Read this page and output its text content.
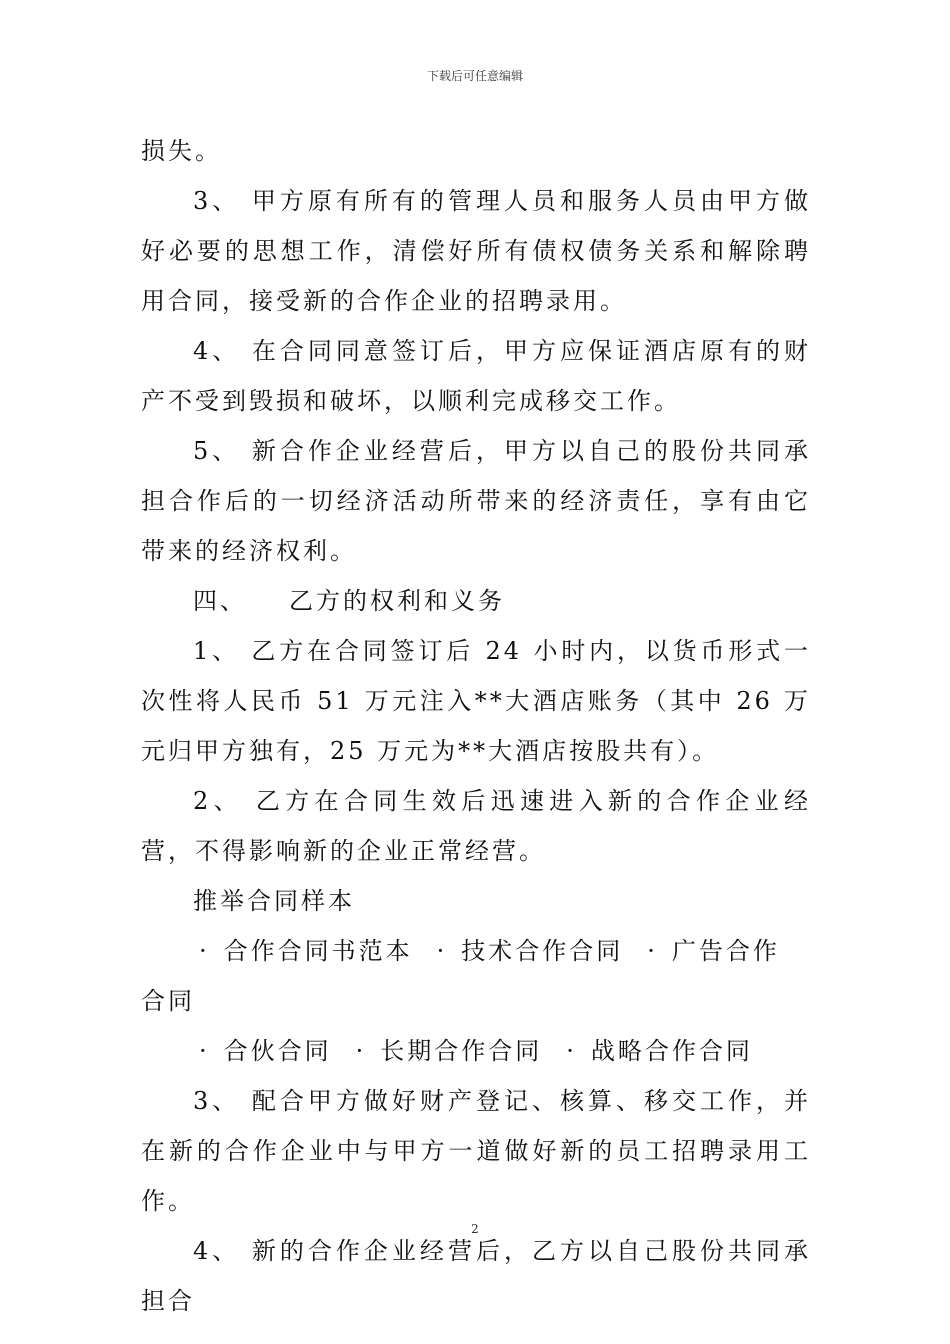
下载后可任意编辑

损失。

3、 甲方原有所有的管理人员和服务人员由甲方做好必要的思想工作，清偿好所有债权债务关系和解除聘用合同，接受新的合作企业的招聘录用。

4、 在合同同意签订后，甲方应保证酒店原有的财产不受到毁损和破坏，以顺利完成移交工作。

5、 新合作企业经营后，甲方以自己的股份共同承担合作后的一切经济活动所带来的经济责任，享有由它带来的经济权利。

四、　　乙方的权利和义务

1、 乙方在合同签订后 24 小时内，以货币形式一次性将人民币 51 万元注入**大酒店账务（其中 26 万元归甲方独有，25 万元为**大酒店按股共有）。

2、 乙方在合同生效后迅速进入新的合作企业经营，不得影响新的企业正常经营。

推举合同样本

· 合作合同书范本 · 技术合作合同 · 广告合作

合同

· 合伙合同 · 长期合作合同 · 战略合作合同

3、 配合甲方做好财产登记、核算、移交工作，并在新的合作企业中与甲方一道做好新的员工招聘录用工作。

4、 新的合作企业经营后，乙方以自己股份共同承担合

2
